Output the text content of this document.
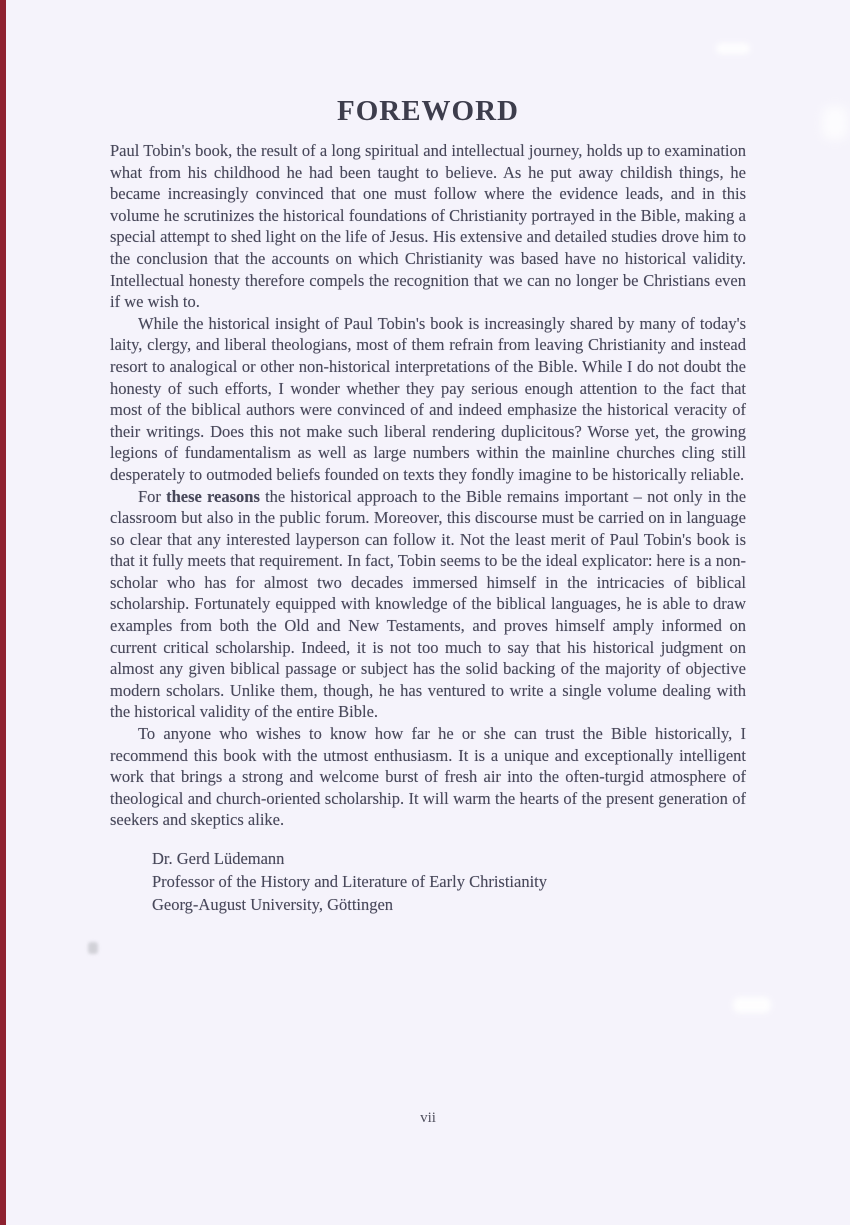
FOREWORD

Paul Tobin's book, the result of a long spiritual and intellectual journey, holds up to examination what from his childhood he had been taught to believe. As he put away childish things, he became increasingly convinced that one must follow where the evidence leads, and in this volume he scrutinizes the historical foundations of Christianity portrayed in the Bible, making a special attempt to shed light on the life of Jesus. His extensive and detailed studies drove him to the conclusion that the accounts on which Christianity was based have no historical validity. Intellectual honesty therefore compels the recognition that we can no longer be Christians even if we wish to.

While the historical insight of Paul Tobin's book is increasingly shared by many of today's laity, clergy, and liberal theologians, most of them refrain from leaving Christianity and instead resort to analogical or other non-historical interpretations of the Bible. While I do not doubt the honesty of such efforts, I wonder whether they pay serious enough attention to the fact that most of the biblical authors were convinced of and indeed emphasize the historical veracity of their writings. Does this not make such liberal rendering duplicitous? Worse yet, the growing legions of fundamentalism as well as large numbers within the mainline churches cling still desperately to outmoded beliefs founded on texts they fondly imagine to be historically reliable.

For these reasons the historical approach to the Bible remains important – not only in the classroom but also in the public forum. Moreover, this discourse must be carried on in language so clear that any interested layperson can follow it. Not the least merit of Paul Tobin's book is that it fully meets that requirement. In fact, Tobin seems to be the ideal explicator: here is a non-scholar who has for almost two decades immersed himself in the intricacies of biblical scholarship. Fortunately equipped with knowledge of the biblical languages, he is able to draw examples from both the Old and New Testaments, and proves himself amply informed on current critical scholarship. Indeed, it is not too much to say that his historical judgment on almost any given biblical passage or subject has the solid backing of the majority of objective modern scholars. Unlike them, though, he has ventured to write a single volume dealing with the historical validity of the entire Bible.

To anyone who wishes to know how far he or she can trust the Bible historically, I recommend this book with the utmost enthusiasm. It is a unique and exceptionally intelligent work that brings a strong and welcome burst of fresh air into the often-turgid atmosphere of theological and church-oriented scholarship. It will warm the hearts of the present generation of seekers and skeptics alike.

Dr. Gerd Lüdemann
Professor of the History and Literature of Early Christianity
Georg-August University, Göttingen
vii
